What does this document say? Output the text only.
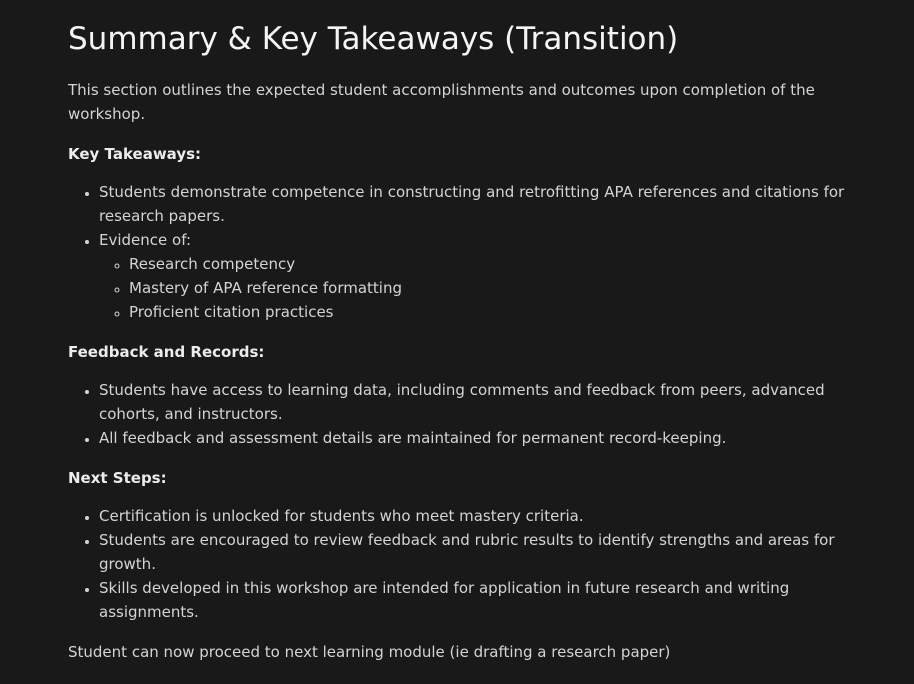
Summary & Key Takeaways (Transition)

This section outlines the expected student accomplishments and outcomes upon completion of the workshop.

Key Takeaways:

• Students demonstrate competence in constructing and retrofitting APA references and citations for research papers.
• Evidence of:
◦ Research competency
◦ Mastery of APA reference formatting
◦ Proficient citation practices

Feedback and Records:

• Students have access to learning data, including comments and feedback from peers, advanced cohorts, and instructors.
• All feedback and assessment details are maintained for permanent record-keeping.

Next Steps:

• Certification is unlocked for students who meet mastery criteria.
• Students are encouraged to review feedback and rubric results to identify strengths and areas for growth.
• Skills developed in this workshop are intended for application in future research and writing assignments.

Student can now proceed to next learning module (ie drafting a research paper)
